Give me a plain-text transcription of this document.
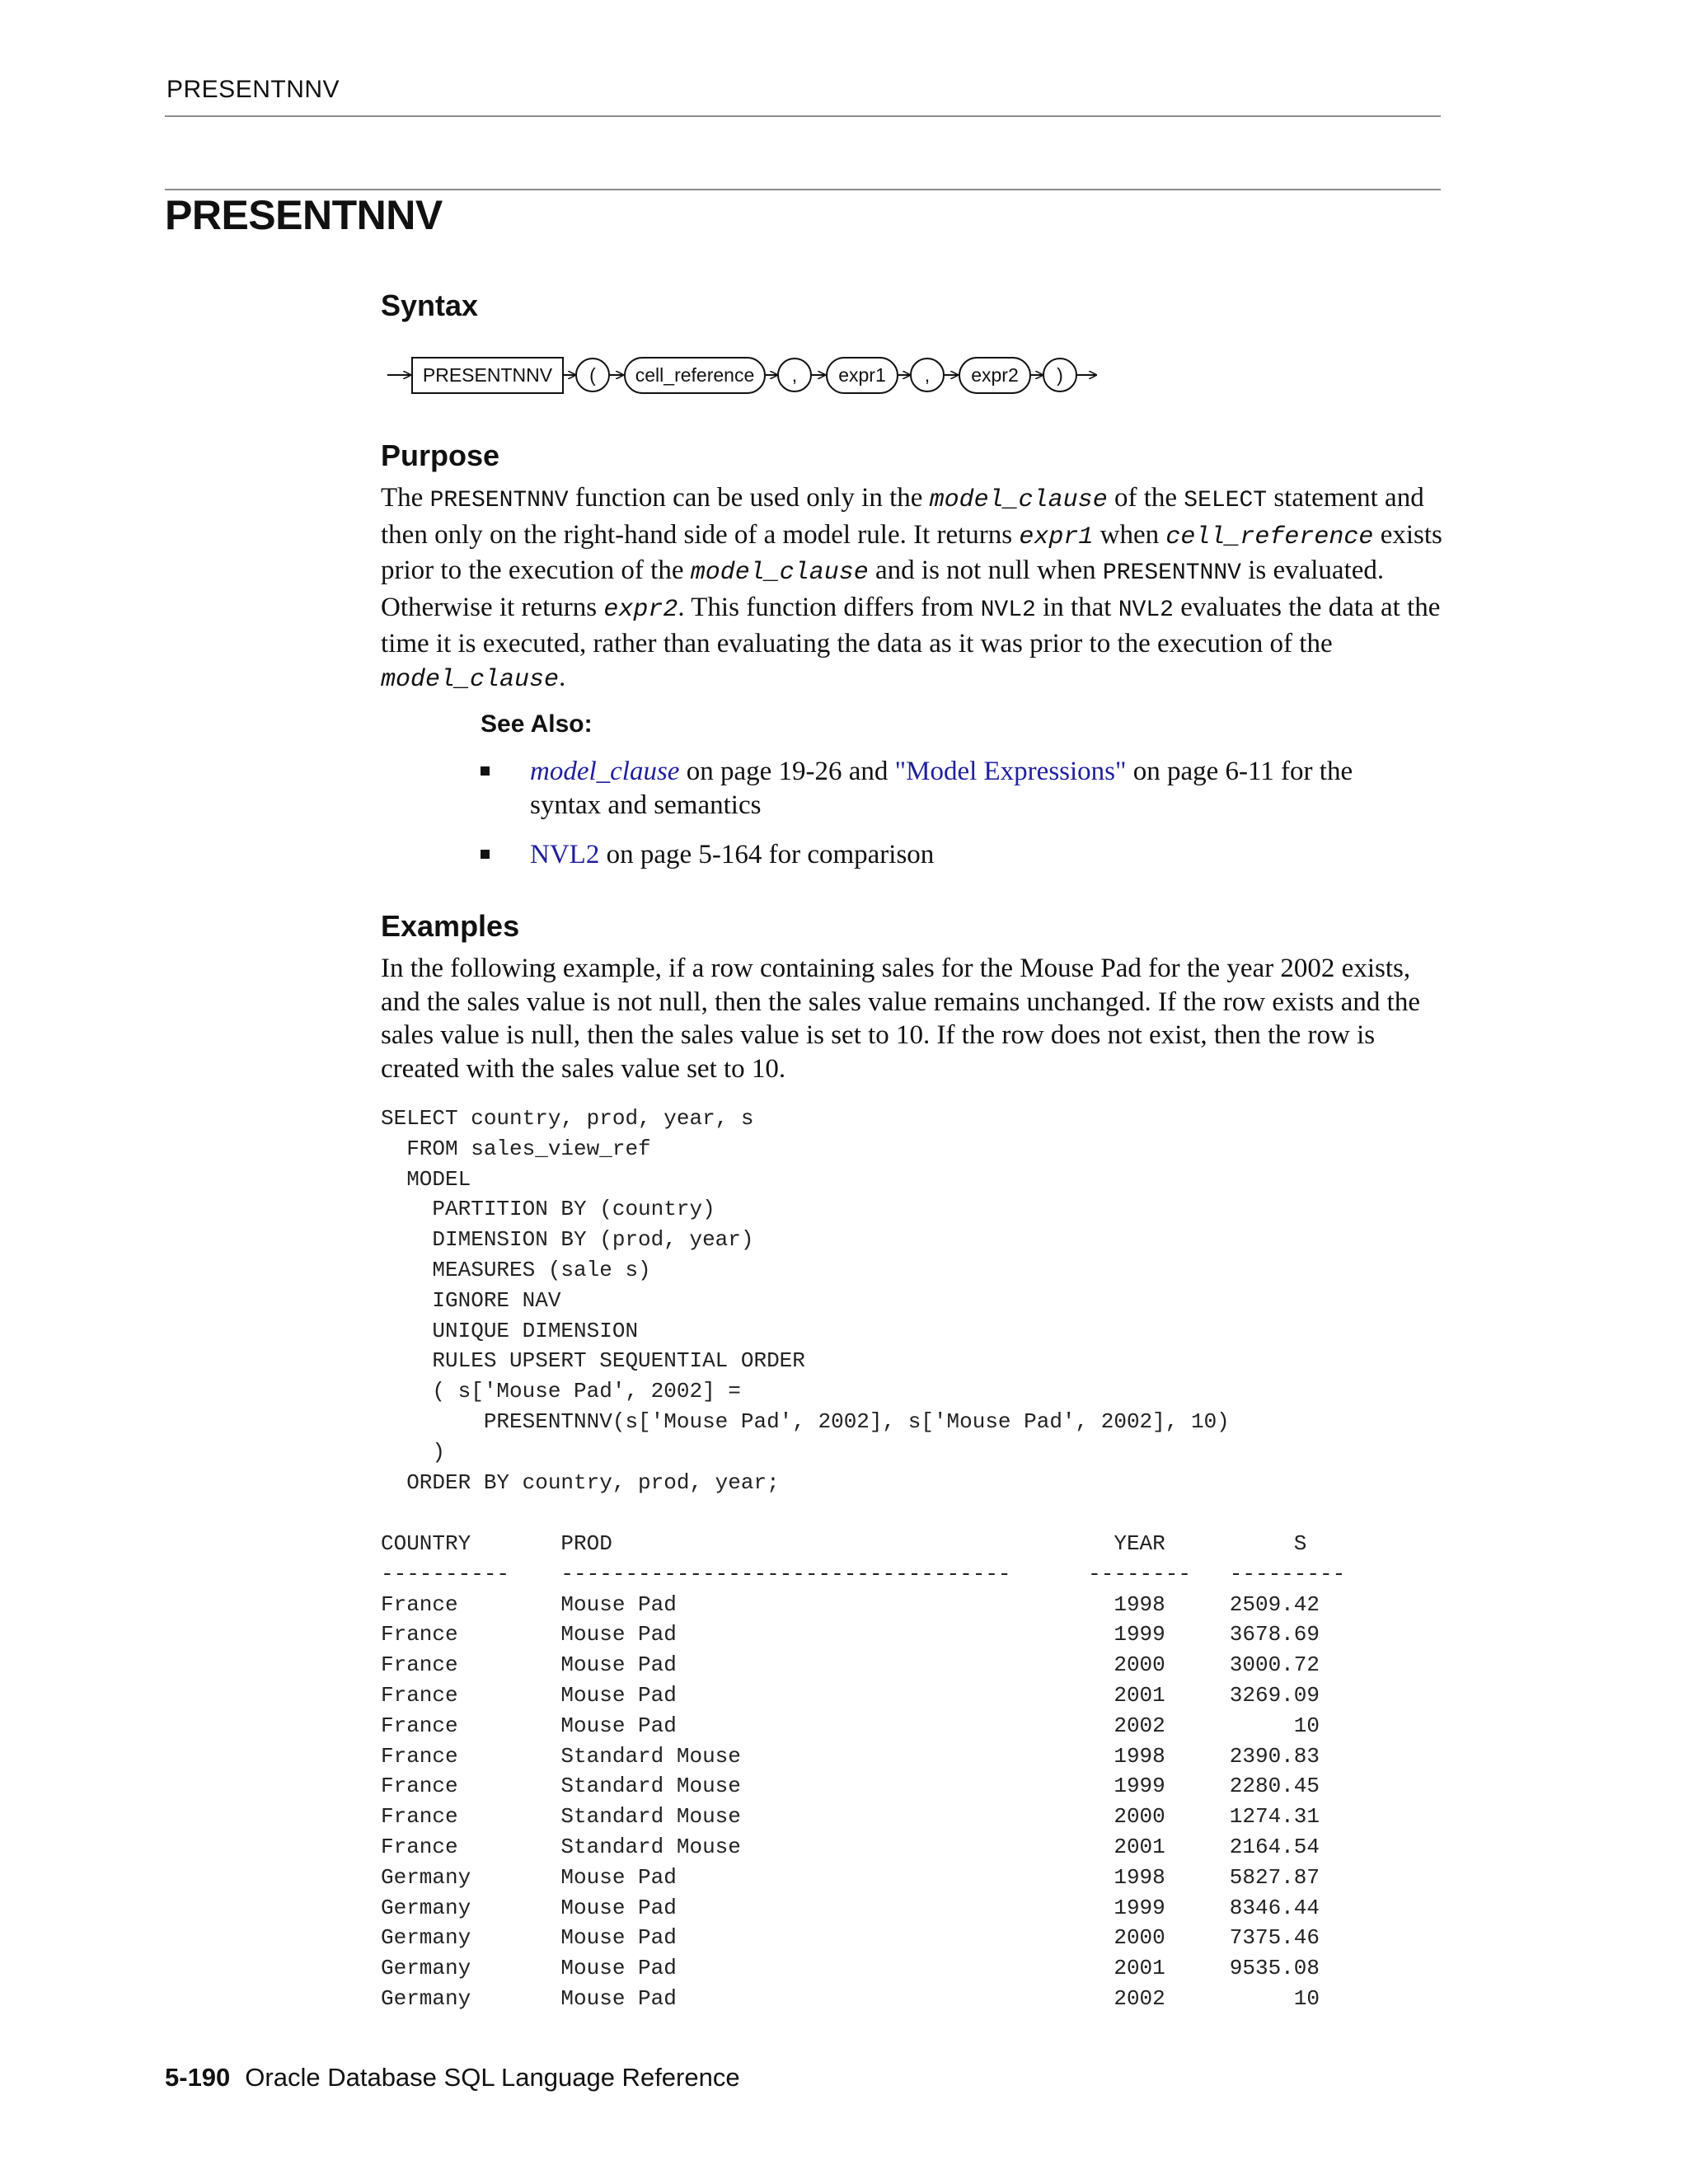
PRESENTNNV
PRESENTNNV
Syntax
PRESENTNNV ( cell_reference , expr1 , expr2 )
Purpose

The PRESENTNNV function can be used only in the model_clause of the SELECT statement and then only on the right-hand side of a model rule. It returns expr1 when cell_reference exists prior to the execution of the model_clause and is not null when PRESENTNNV is evaluated. Otherwise it returns expr2. This function differs from NVL2 in that NVL2 evaluates the data at the time it is executed, rather than evaluating the data as it was prior to the execution of the model_clause.

See Also:
model_clause on page 19-26 and "Model Expressions" on page 6-11 for the syntax and semantics
NVL2 on page 5-164 for comparison
Examples

In the following example, if a row containing sales for the Mouse Pad for the year 2002 exists, and the sales value is not null, then the sales value remains unchanged. If the row exists and the sales value is null, then the sales value is set to 10. If the row does not exist, then the row is created with the sales value set to 10.

SELECT country, prod, year, s
FROM sales_view_ref
MODEL
PARTITION BY (country)
DIMENSION BY (prod, year)
MEASURES (sale s)
IGNORE NAV
UNIQUE DIMENSION
RULES UPSERT SEQUENTIAL ORDER
( s['Mouse Pad', 2002] =
PRESENTNNV(s['Mouse Pad', 2002], s['Mouse Pad', 2002], 10)
)
ORDER BY country, prod, year;
COUNTRY       PROD                                       YEAR          S
----------    -----------------------------------      --------   ---------
France        Mouse Pad                                  1998     2509.42
France        Mouse Pad                                  1999     3678.69
France        Mouse Pad                                  2000     3000.72
France        Mouse Pad                                  2001     3269.09
France        Mouse Pad                                  2002          10
France        Standard Mouse                             1998     2390.83
France        Standard Mouse                             1999     2280.45
France        Standard Mouse                             2000     1274.31
France        Standard Mouse                             2001     2164.54
Germany       Mouse Pad                                  1998     5827.87
Germany       Mouse Pad                                  1999     8346.44
Germany       Mouse Pad                                  2000     7375.46
Germany       Mouse Pad                                  2001     9535.08
Germany       Mouse Pad                                  2002          10
5-190 Oracle Database SQL Language Reference
